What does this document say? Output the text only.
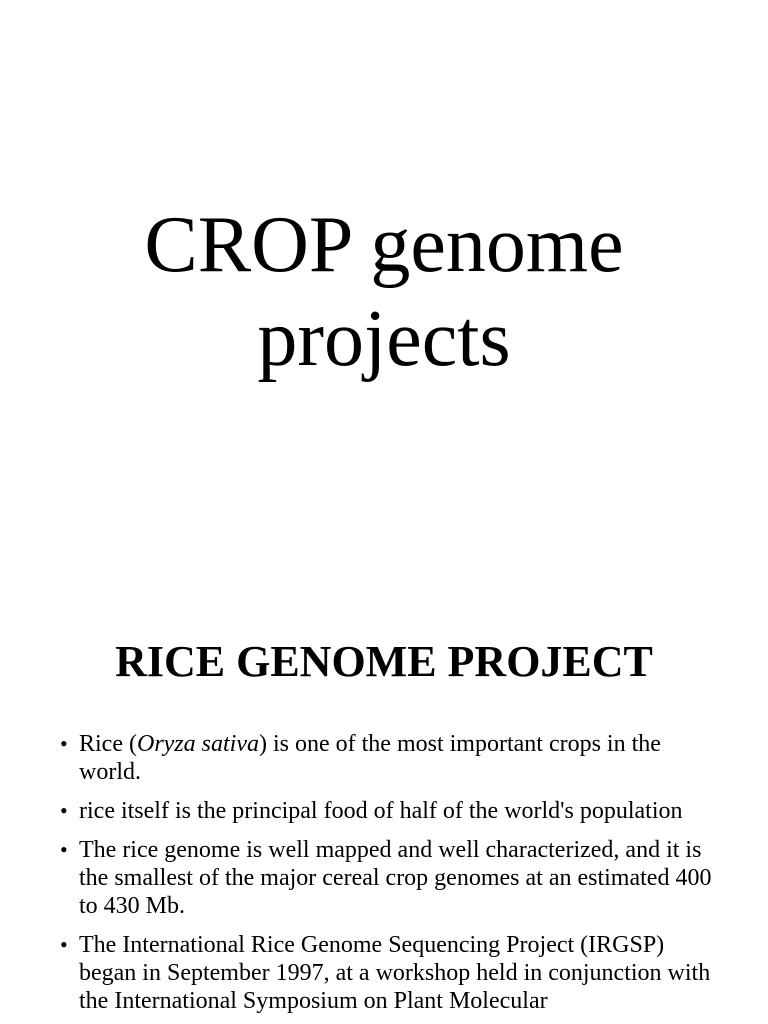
CROP genome
projects
RICE GENOME PROJECT
• Rice (Oryza sativa) is one of the most important crops in the world.
• rice itself is the principal food of half of the world's population
• The rice genome is well mapped and well characterized, and it is the smallest of the major cereal crop genomes at an estimated 400 to 430 Mb.
• The International Rice Genome Sequencing Project (IRGSP) began in September 1997, at a workshop held in conjunction with the International Symposium on Plant Molecular
